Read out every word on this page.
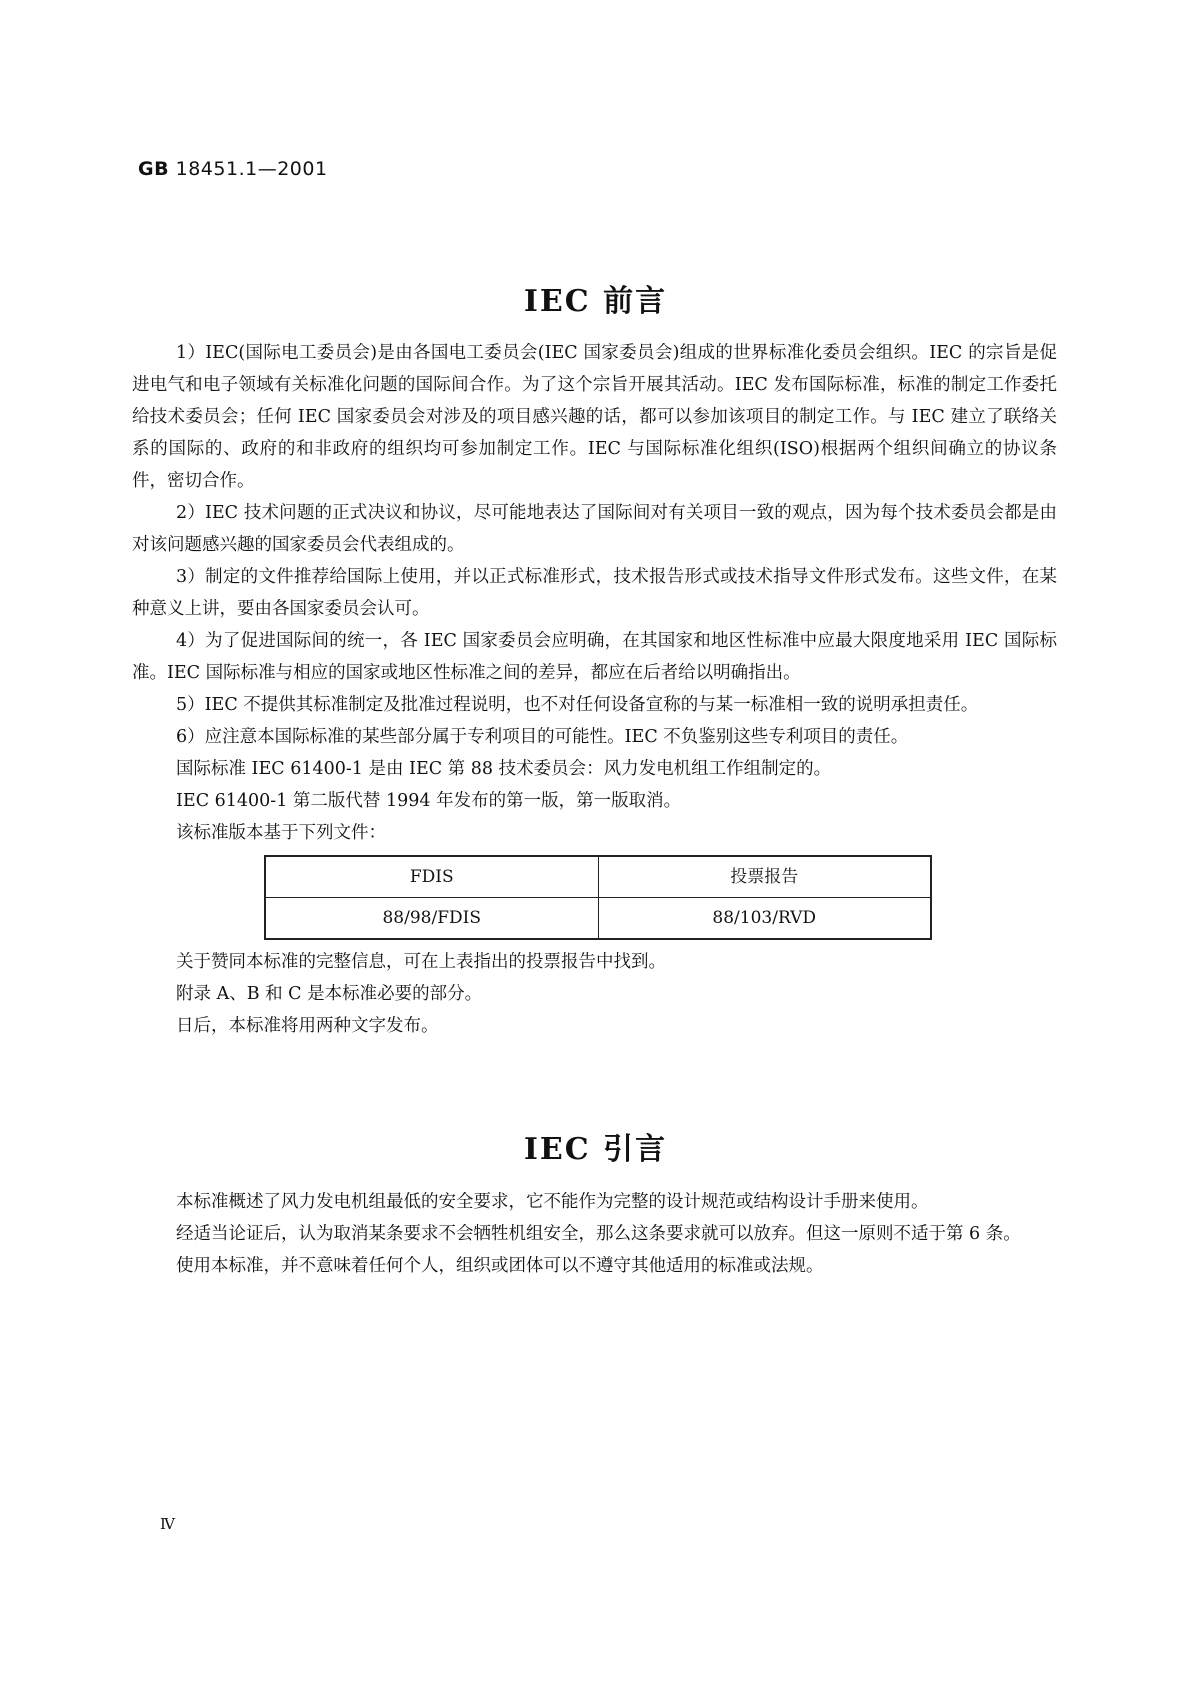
GB 18451.1—2001
IEC 前言

1）IEC(国际电工委员会)是由各国电工委员会(IEC 国家委员会)组成的世界标准化委员会组织。IEC 的宗旨是促进电气和电子领域有关标准化问题的国际间合作。为了这个宗旨开展其活动。IEC 发布国际标准，标准的制定工作委托给技术委员会；任何 IEC 国家委员会对涉及的项目感兴趣的话，都可以参加该项目的制定工作。与 IEC 建立了联络关系的国际的、政府的和非政府的组织均可参加制定工作。IEC 与国际标准化组织(ISO)根据两个组织间确立的协议条件，密切合作。

2）IEC 技术问题的正式决议和协议，尽可能地表达了国际间对有关项目一致的观点，因为每个技术委员会都是由对该问题感兴趣的国家委员会代表组成的。

3）制定的文件推荐给国际上使用，并以正式标准形式，技术报告形式或技术指导文件形式发布。这些文件，在某种意义上讲，要由各国家委员会认可。

4）为了促进国际间的统一，各 IEC 国家委员会应明确，在其国家和地区性标准中应最大限度地采用 IEC 国际标准。IEC 国际标准与相应的国家或地区性标准之间的差异，都应在后者给以明确指出。

5）IEC 不提供其标准制定及批准过程说明，也不对任何设备宣称的与某一标准相一致的说明承担责任。

6）应注意本国际标准的某些部分属于专利项目的可能性。IEC 不负鉴别这些专利项目的责任。

国际标准 IEC 61400-1 是由 IEC 第 88 技术委员会：风力发电机组工作组制定的。

IEC 61400-1 第二版代替 1994 年发布的第一版，第一版取消。

该标准版本基于下列文件：

FDIS	投票报告
88/98/FDIS	88/103/RVD

关于赞同本标准的完整信息，可在上表指出的投票报告中找到。

附录 A、B 和 C 是本标准必要的部分。

日后，本标准将用两种文字发布。

IEC 引言

本标准概述了风力发电机组最低的安全要求，它不能作为完整的设计规范或结构设计手册来使用。

经适当论证后，认为取消某条要求不会牺牲机组安全，那么这条要求就可以放弃。但这一原则不适于第 6 条。

使用本标准，并不意味着任何个人，组织或团体可以不遵守其他适用的标准或法规。

Ⅳ
